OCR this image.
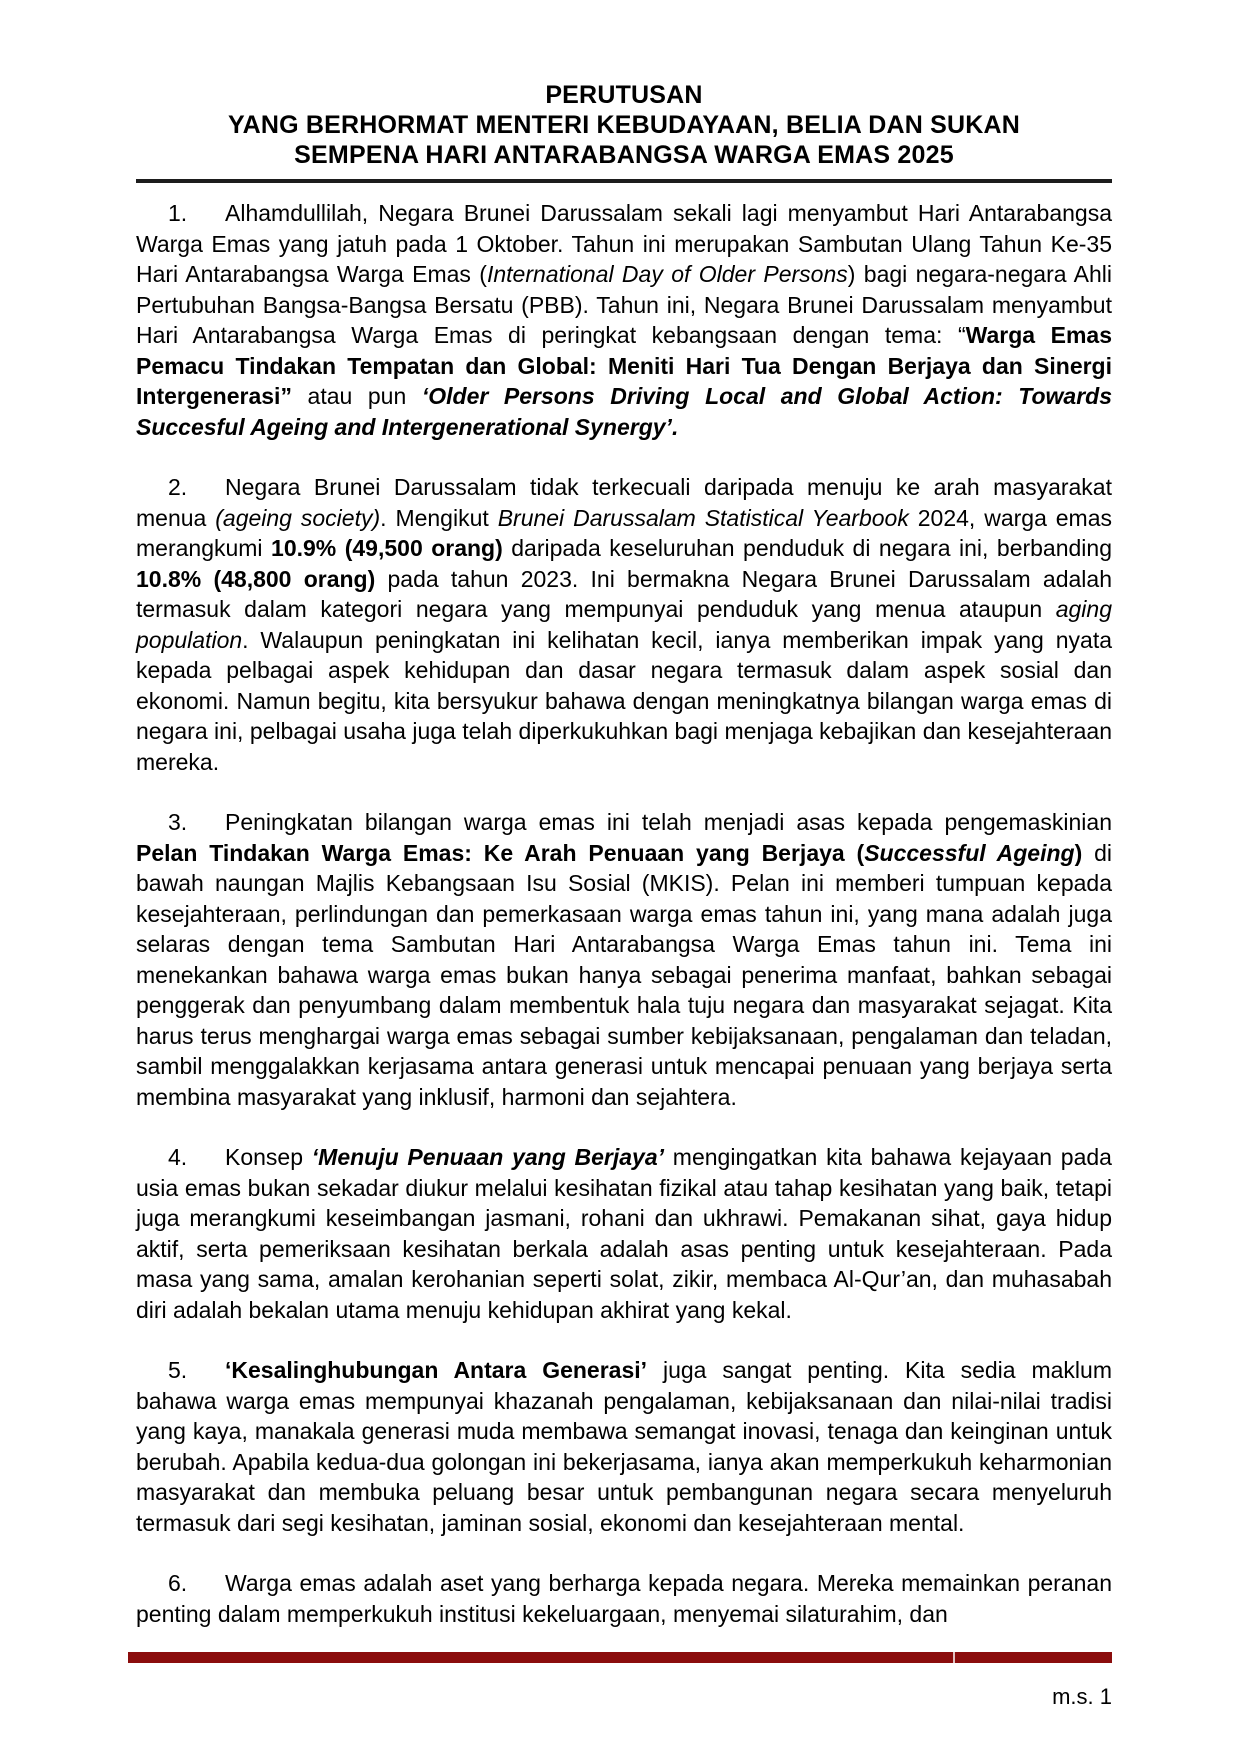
PERUTUSAN
YANG BERHORMAT MENTERI KEBUDAYAAN, BELIA DAN SUKAN
SEMPENA HARI ANTARABANGSA WARGA EMAS 2025

1. Alhamdullilah, Negara Brunei Darussalam sekali lagi menyambut Hari Antarabangsa Warga Emas yang jatuh pada 1 Oktober. Tahun ini merupakan Sambutan Ulang Tahun Ke-35 Hari Antarabangsa Warga Emas (International Day of Older Persons) bagi negara-negara Ahli Pertubuhan Bangsa-Bangsa Bersatu (PBB). Tahun ini, Negara Brunei Darussalam menyambut Hari Antarabangsa Warga Emas di peringkat kebangsaan dengan tema: “Warga Emas Pemacu Tindakan Tempatan dan Global: Meniti Hari Tua Dengan Berjaya dan Sinergi Intergenerasi” atau pun ‘Older Persons Driving Local and Global Action: Towards Succesful Ageing and Intergenerational Synergy’.

2. Negara Brunei Darussalam tidak terkecuali daripada menuju ke arah masyarakat menua (ageing society). Mengikut Brunei Darussalam Statistical Yearbook 2024, warga emas merangkumi 10.9% (49,500 orang) daripada keseluruhan penduduk di negara ini, berbanding 10.8% (48,800 orang) pada tahun 2023. Ini bermakna Negara Brunei Darussalam adalah termasuk dalam kategori negara yang mempunyai penduduk yang menua ataupun aging population. Walaupun peningkatan ini kelihatan kecil, ianya memberikan impak yang nyata kepada pelbagai aspek kehidupan dan dasar negara termasuk dalam aspek sosial dan ekonomi. Namun begitu, kita bersyukur bahawa dengan meningkatnya bilangan warga emas di negara ini, pelbagai usaha juga telah diperkukuhkan bagi menjaga kebajikan dan kesejahteraan mereka.

3. Peningkatan bilangan warga emas ini telah menjadi asas kepada pengemaskinian Pelan Tindakan Warga Emas: Ke Arah Penuaan yang Berjaya (Successful Ageing) di bawah naungan Majlis Kebangsaan Isu Sosial (MKIS). Pelan ini memberi tumpuan kepada kesejahteraan, perlindungan dan pemerkasaan warga emas tahun ini, yang mana adalah juga selaras dengan tema Sambutan Hari Antarabangsa Warga Emas tahun ini. Tema ini menekankan bahawa warga emas bukan hanya sebagai penerima manfaat, bahkan sebagai penggerak dan penyumbang dalam membentuk hala tuju negara dan masyarakat sejagat. Kita harus terus menghargai warga emas sebagai sumber kebijaksanaan, pengalaman dan teladan, sambil menggalakkan kerjasama antara generasi untuk mencapai penuaan yang berjaya serta membina masyarakat yang inklusif, harmoni dan sejahtera.

4. Konsep ‘Menuju Penuaan yang Berjaya’ mengingatkan kita bahawa kejayaan pada usia emas bukan sekadar diukur melalui kesihatan fizikal atau tahap kesihatan yang baik, tetapi juga merangkumi keseimbangan jasmani, rohani dan ukhrawi. Pemakanan sihat, gaya hidup aktif, serta pemeriksaan kesihatan berkala adalah asas penting untuk kesejahteraan. Pada masa yang sama, amalan kerohanian seperti solat, zikir, membaca Al-Qur’an, dan muhasabah diri adalah bekalan utama menuju kehidupan akhirat yang kekal.

5. ‘Kesalinghubungan Antara Generasi’ juga sangat penting. Kita sedia maklum bahawa warga emas mempunyai khazanah pengalaman, kebijaksanaan dan nilai-nilai tradisi yang kaya, manakala generasi muda membawa semangat inovasi, tenaga dan keinginan untuk berubah. Apabila kedua-dua golongan ini bekerjasama, ianya akan memperkukuh keharmonian masyarakat dan membuka peluang besar untuk pembangunan negara secara menyeluruh termasuk dari segi kesihatan, jaminan sosial, ekonomi dan kesejahteraan mental.

6. Warga emas adalah aset yang berharga kepada negara. Mereka memainkan peranan penting dalam memperkukuh institusi kekeluargaan, menyemai silaturahim, dan

m.s. 1
